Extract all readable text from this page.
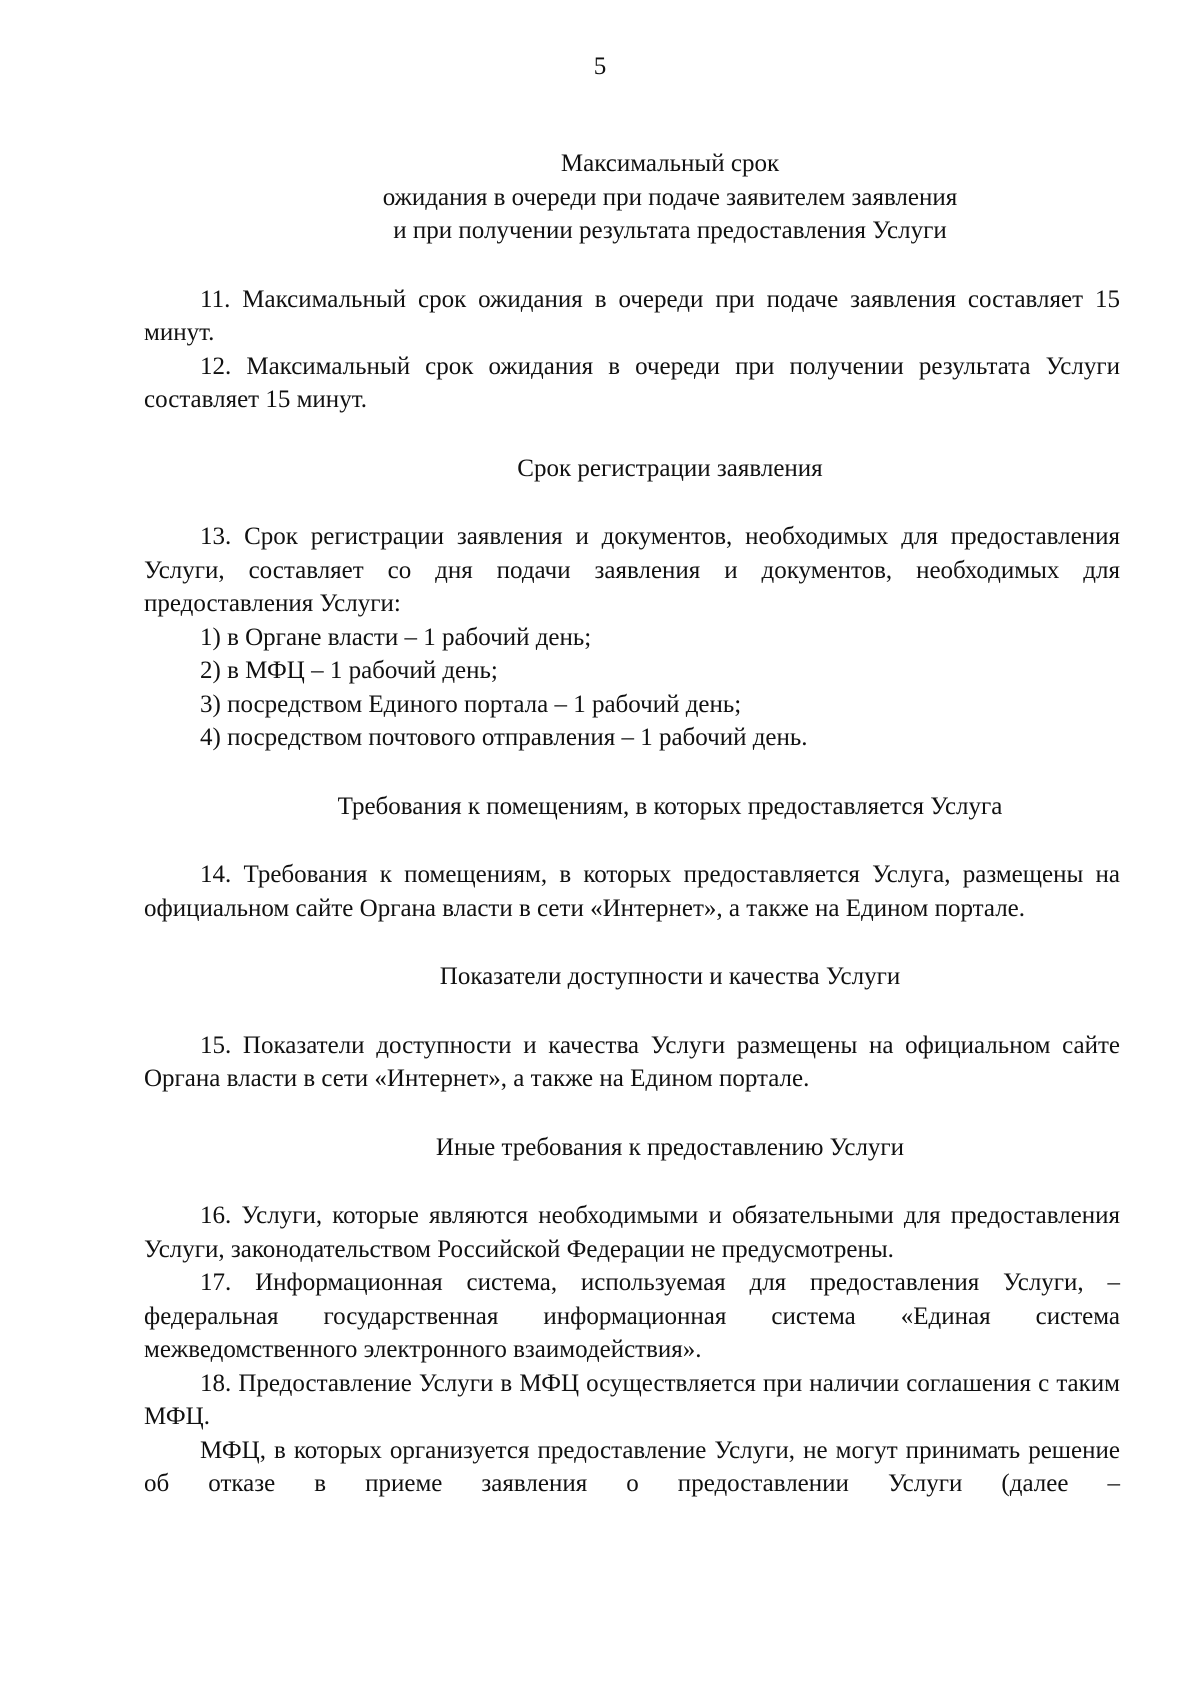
5
Максимальный срок
ожидания в очереди при подаче заявителем заявления
и при получении результата предоставления Услуги

11. Максимальный срок ожидания в очереди при подаче заявления составляет 15 минут.

12. Максимальный срок ожидания в очереди при получении результата Услуги составляет 15 минут.

Срок регистрации заявления

13. Срок регистрации заявления и документов, необходимых для предоставления Услуги, составляет со дня подачи заявления и документов, необходимых для предоставления Услуги:

1) в Органе власти – 1 рабочий день;

2) в МФЦ – 1 рабочий день;

3) посредством Единого портала – 1 рабочий день;

4) посредством почтового отправления – 1 рабочий день.

Требования к помещениям, в которых предоставляется Услуга

14. Требования к помещениям, в которых предоставляется Услуга, размещены на официальном сайте Органа власти в сети «Интернет», а также на Едином портале.

Показатели доступности и качества Услуги

15. Показатели доступности и качества Услуги размещены на официальном сайте Органа власти в сети «Интернет», а также на Едином портале.

Иные требования к предоставлению Услуги

16. Услуги, которые являются необходимыми и обязательными для предоставления Услуги, законодательством Российской Федерации не предусмотрены.

17. Информационная система, используемая для предоставления Услуги, – федеральная государственная информационная система «Единая система межведомственного электронного взаимодействия».

18. Предоставление Услуги в МФЦ осуществляется при наличии соглашения с таким МФЦ.

МФЦ, в которых организуется предоставление Услуги, не могут принимать решение об отказе в приеме заявления о предоставлении Услуги (далее –
